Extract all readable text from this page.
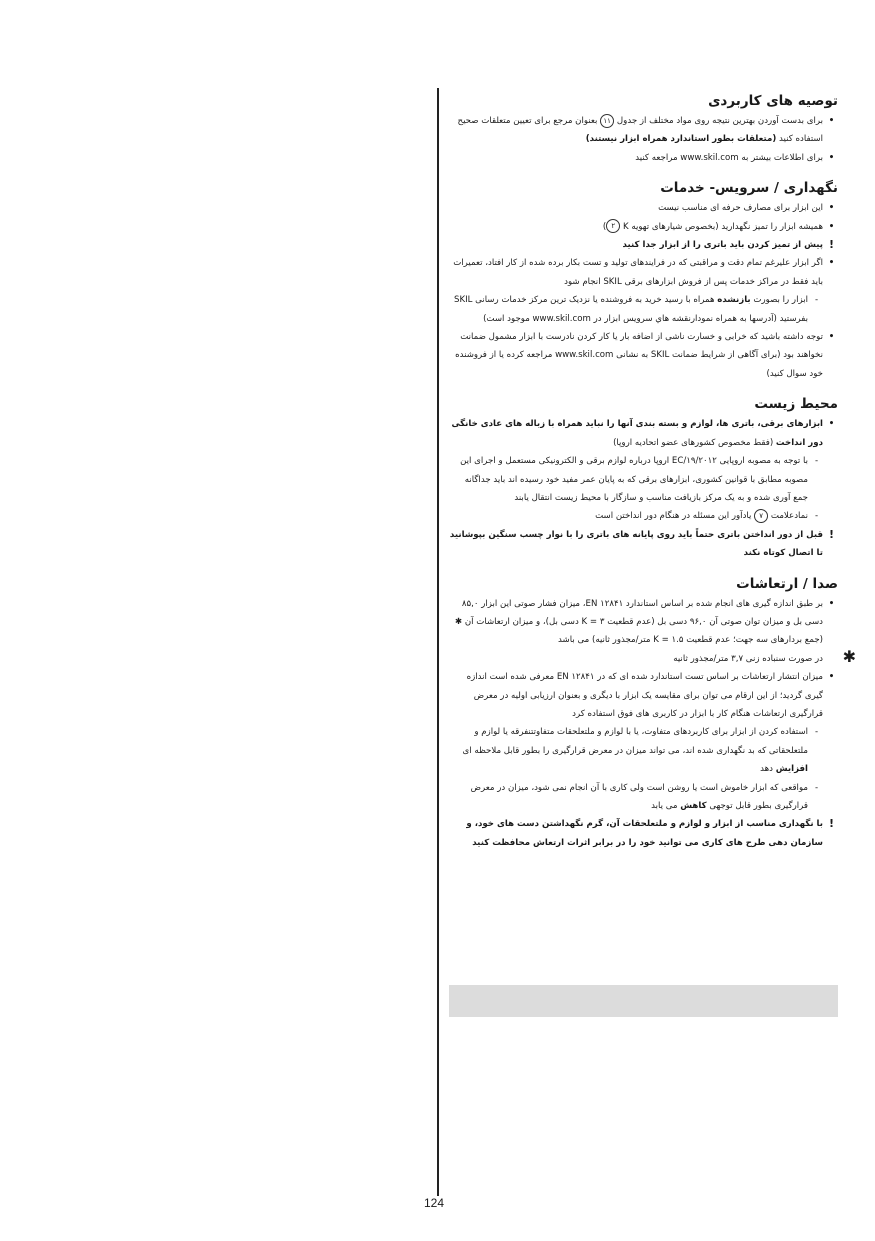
توصیه های کاربردی
•
برای بدست آوردن بهترین نتیجه روی مواد مختلف از جدول ۱۱ بعنوان مرجع برای تعیین متعلقات صحیح استفاده کنید (متعلقات بطور استاندارد همراه ابزار نیستند)
•
برای اطلاعات بیشتر به www.skil.com مراجعه کنید
نگهداری / سرویس- خدمات
•
این ابزار برای مصارف حرفه ای مناسب نیست
•
همیشه ابزار را تمیز نگهدارید (بخصوص شیارهای تهویه K ۲)
!
پیش از تمیز کردن باید باتری را از ابزار جدا کنید
•
اگر ابزار علیرغم تمام دقت و مراقبتی که در فرایندهای تولید و تست بکار برده شده از کار افتاد، تعمیرات باید فقط در مراکز خدمات پس از فروش ابزارهای برقی SKIL انجام شود
-
ابزار را بصورت بازنشده همراه با رسید خرید به فروشنده یا نزدیک ترین مرکز خدمات رسانی SKIL بفرستید (آدرسها به همراه نمودارنقشه هاي سرويس ابزار در www.skil.com موجود است)
•
توجه داشته باشید که خرابی و خسارت ناشی از اضافه بار یا کار کردن نادرست با ابزار مشمول ضمانت نخواهند بود (برای آگاهی از شرایط ضمانت SKIL به نشانی www.skil.com مراجعه کرده یا از فروشنده خود سوال کنید)
محیط زیست
•
ابزارهای برقی، باتری ها، لوازم و بسته بندی آنها را نباید همراه با زباله های عادی خانگی دور انداخت (فقط مخصوص کشورهای عضو اتحادیه اروپا)
-
با توجه به مصوبه اروپایی EC/۱۹/۲۰۱۲ اروپا درباره لوازم برقی و الکترونیکی مستعمل و اجرای این مصوبه مطابق با قوانین کشوری، ابزارهای برقی که به پایان عمر مفید خود رسیده اند باید جداگانه جمع آوری شده و به یک مرکز بازیافت مناسب و سازگار با محیط زیست انتقال یابند
-
نمادعلامت ۷ یادآور این مسئله در هنگام دور انداختن است
!
قبل از دور انداختن باتری حتماً باید روی پایانه های باتری را با نوار چسب سنگین بپوشانید تا اتصال کوتاه نکند
صدا / ارتعاشات
•
بر طبق اندازه گیری های انجام شده بر اساس استاندارد EN ۱۲۸۴۱، میزان فشار صوتی این ابزار ۸۵,۰ دسی بل و میزان توان صوتی آن ۹۶,۰ دسی بل (عدم قطعیت K = ۳ دسی بل)، و میزان ارتعاشات آن ✱ (جمع بردارهای سه جهت؛ عدم قطعیت K = ۱.۵ متر/مجذور ثانیه) می باشد
✱
در صورت سنباده زنی ۳,۷ متر/مجذور ثانیه
•
میزان انتشار ارتعاشات بر اساس تست استاندارد شده ای که در EN ۱۲۸۴۱ معرفی شده است اندازه گیری گردید؛ از این ارقام می توان برای مقایسه یک ابزار با دیگری و بعنوان ارزیابی اولیه در معرض قرارگیری ارتعاشات هنگام کار با ابزار در کاربری های فوق استفاده کرد
-
استفاده کردن از ابزار برای کاربردهای متفاوت، یا با لوازم و ملتعلحقات متفاوتتنفرقه یا لوازم و ملتعلحقاتی که بد نگهداری شده اند، می تواند میزان در معرض قرارگیری را بطور قابل ملاحظه ای افزایش دهد
-
مواقعی که ابزار خاموش است یا روشن است ولی کاری با آن انجام نمی شود، میزان در معرض قرارگیری بطور قابل توجهی کاهش می یابد
!
با نگهداری مناسب از ابزار و لوازم و ملتعلحقات آن، گرم نگهداشتن دست های خود، و سازمان دهی طرح های کاری می توانید خود را در برابر اثرات ارتعاش محافظت کنید
124
